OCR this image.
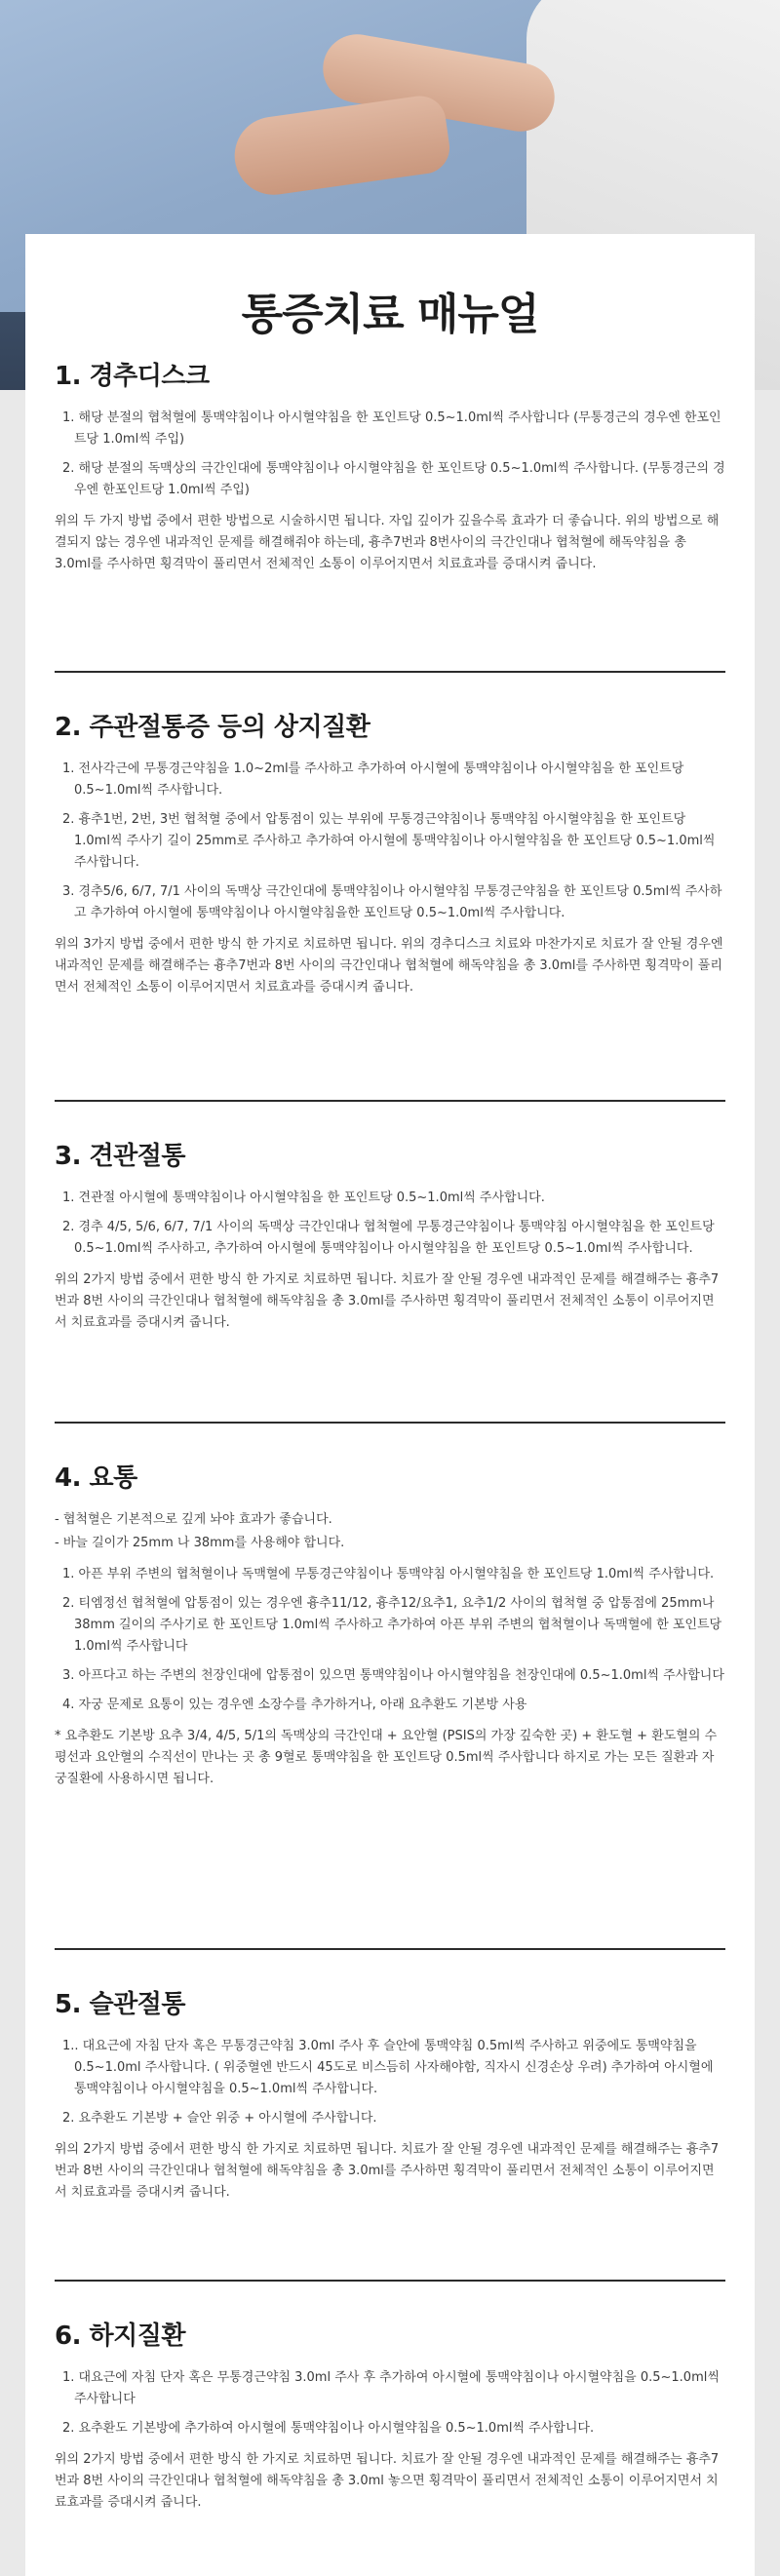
통증치료 매뉴얼
1. 경추디스크

1. 해당 분절의 협척혈에 통맥약침이나 아시혈약침을 한 포인트당 0.5~1.0ml씩 주사합니다 (무통경근의 경우엔 한포인트당 1.0ml씩 주입)

2. 해당 분절의 독맥상의 극간인대에 통맥약침이나 아시혈약침을 한 포인트당 0.5~1.0ml씩 주사합니다. (무통경근의 경우엔 한포인트당 1.0ml씩 주입)

위의 두 가지 방법 중에서 편한 방법으로 시술하시면 됩니다. 자입 깊이가 깊을수록 효과가 더 좋습니다. 위의 방법으로 해결되지 않는 경우엔 내과적인 문제를 해결해줘야 하는데, 흉추7번과 8번사이의 극간인대나 협척혈에 해독약침을 총 3.0ml를 주사하면 횡격막이 풀리면서 전체적인 소통이 이루어지면서 치료효과를 증대시켜 줍니다.

2. 주관절통증 등의 상지질환

1. 전사각근에 무통경근약침을 1.0~2ml를 주사하고 추가하여 아시혈에 통맥약침이나 아시혈약침을 한 포인트당 0.5~1.0ml씩 주사합니다.

2. 흉추1번, 2번, 3번 협척혈 중에서 압통점이 있는 부위에 무통경근약침이나 통맥약침 아시혈약침을 한 포인트당 1.0ml씩 주사기 길이 25mm로 주사하고 추가하여 아시혈에 통맥약침이나 아시혈약침을 한 포인트당 0.5~1.0ml씩 주사합니다.

3. 경추5/6, 6/7, 7/1 사이의 독맥상 극간인대에 통맥약침이나 아시혈약침 무통경근약침을 한 포인트당 0.5ml씩 주사하고 추가하여 아시혈에 통맥약침이나 아시혈약침을한 포인트당 0.5~1.0ml씩 주사합니다.

위의 3가지 방법 중에서 편한 방식 한 가지로 치료하면 됩니다. 위의 경추디스크 치료와 마찬가지로 치료가 잘 안될 경우엔 내과적인 문제를 해결해주는 흉추7번과 8번 사이의 극간인대나 협척혈에 해독약침을 총 3.0ml를 주사하면 횡격막이 풀리면서 전체적인 소통이 이루어지면서 치료효과를 증대시켜 줍니다.

3. 견관절통

1. 견관절 아시혈에 통맥약침이나 아시혈약침을 한 포인트당 0.5~1.0ml씩 주사합니다.

2. 경추 4/5, 5/6, 6/7, 7/1 사이의 독맥상 극간인대나 협척혈에 무통경근약침이나 통맥약침 아시혈약침을 한 포인트당 0.5~1.0ml씩 주사하고, 추가하여 아시혈에 통맥약침이나 아시혈약침을 한 포인트당 0.5~1.0ml씩 주사합니다.

위의 2가지 방법 중에서 편한 방식 한 가지로 치료하면 됩니다. 치료가 잘 안될 경우엔 내과적인 문제를 해결해주는 흉추7번과 8번 사이의 극간인대나 협척혈에 해독약침을 총 3.0ml를 주사하면 횡격막이 풀리면서 전체적인 소통이 이루어지면서 치료효과를 증대시켜 줍니다.

4. 요통

- 협척혈은 기본적으로 깊게 놔야 효과가 좋습니다.

- 바늘 길이가 25mm 나 38mm를 사용해야 합니다.

1. 아픈 부위 주변의 협척혈이나 독맥혈에 무통경근약침이나 통맥약침 아시혈약침을 한 포인트당 1.0ml씩 주사합니다.

2. 티엠정선 협척혈에 압통점이 있는 경우엔 흉추11/12, 흉추12/요추1, 요추1/2 사이의 협척혈 중 압통점에 25mm나 38mm 길이의 주사기로 한 포인트당 1.0ml씩 주사하고 추가하여 아픈 부위 주변의 협척혈이나 독맥혈에 한 포인트당 1.0ml씩 주사합니다

3. 아프다고 하는 주변의 천장인대에 압통점이 있으면 통맥약침이나 아시혈약침을 천장인대에 0.5~1.0ml씩 주사합니다

4. 자궁 문제로 요통이 있는 경우엔 소장수를 추가하거나, 아래 요추환도 기본방 사용

* 요추환도 기본방 요추 3/4, 4/5, 5/1의 독맥상의 극간인대 + 요안혈 (PSIS의 가장 깊숙한 곳) + 환도혈 + 환도혈의 수평선과 요안혈의 수직선이 만나는 곳 총 9혈로 통맥약침을 한 포인트당 0.5ml씩 주사합니다 하지로 가는 모든 질환과 자궁질환에 사용하시면 됩니다.

5. 슬관절통

1.. 대요근에 자침 단자 혹은 무통경근약침 3.0ml 주사 후 슬안에 통맥약침 0.5ml씩 주사하고 위중에도 통맥약침을 0.5~1.0ml 주사합니다. ( 위중혈엔 반드시 45도로 비스듬히 사자해야함, 직자시 신경손상 우려) 추가하여 아시혈에 통맥약침이나 아시혈약침을 0.5~1.0ml씩 주사합니다.

2. 요추환도 기본방 + 슬안 위중 + 아시혈에 주사합니다.

위의 2가지 방법 중에서 편한 방식 한 가지로 치료하면 됩니다. 치료가 잘 안될 경우엔 내과적인 문제를 해결해주는 흉추7번과 8번 사이의 극간인대나 협척혈에 해독약침을 총 3.0ml를 주사하면 횡격막이 풀리면서 전체적인 소통이 이루어지면서 치료효과를 증대시켜 줍니다.

6. 하지질환

1. 대요근에 자침 단자 혹은 무통경근약침 3.0ml 주사 후 추가하여 아시혈에 통맥약침이나 아시혈약침을 0.5~1.0ml씩 주사합니다

2. 요추환도 기본방에 추가하여 아시혈에 통맥약침이나 아시혈약침을 0.5~1.0ml씩 주사합니다.

위의 2가지 방법 중에서 편한 방식 한 가지로 치료하면 됩니다. 치료가 잘 안될 경우엔 내과적인 문제를 해결해주는 흉추7번과 8번 사이의 극간인대나 협척혈에 해독약침을 총 3.0ml 놓으면 횡격막이 풀리면서 전체적인 소통이 이루어지면서 치료효과를 증대시켜 줍니다.
